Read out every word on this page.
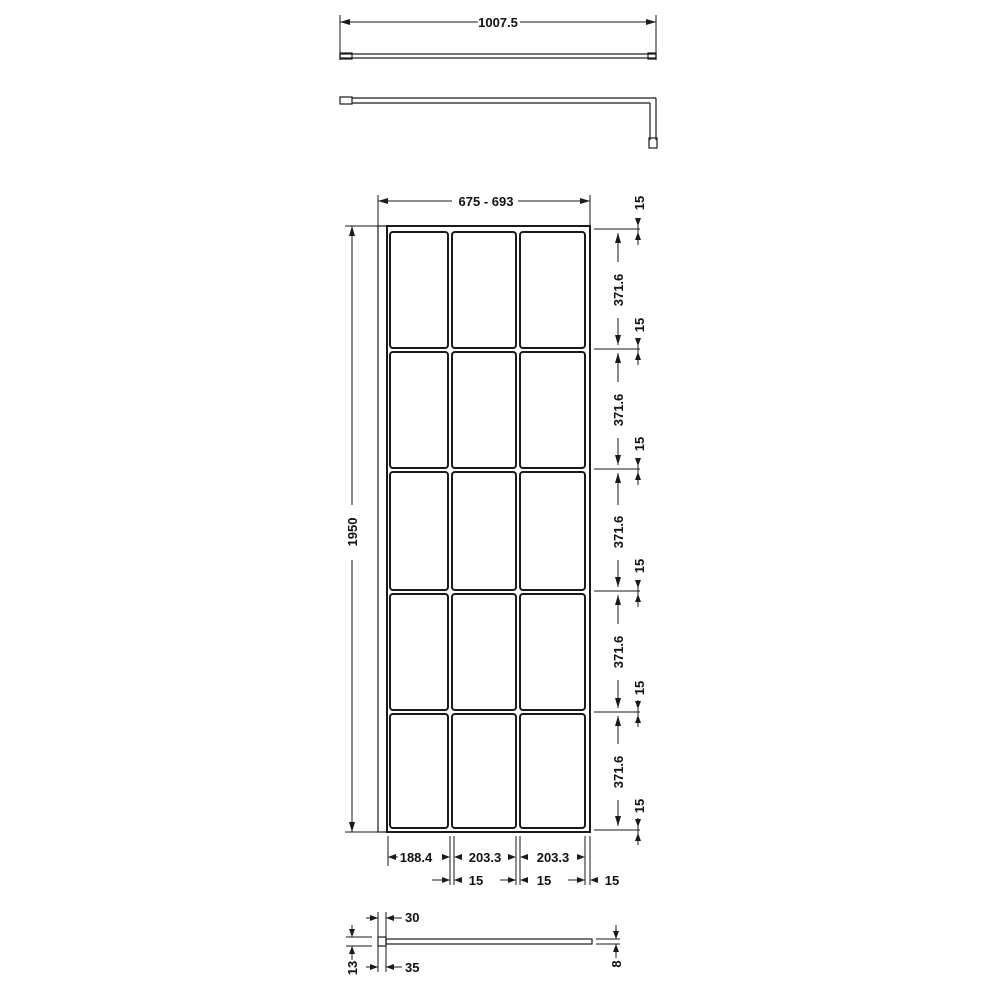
1007.5
675 - 693
1950
371.6
371.6
371.6
371.6
371.6
15
15
15
15
15
15
188.4	203.3	203.3
15	15	15
30
35
13	8
